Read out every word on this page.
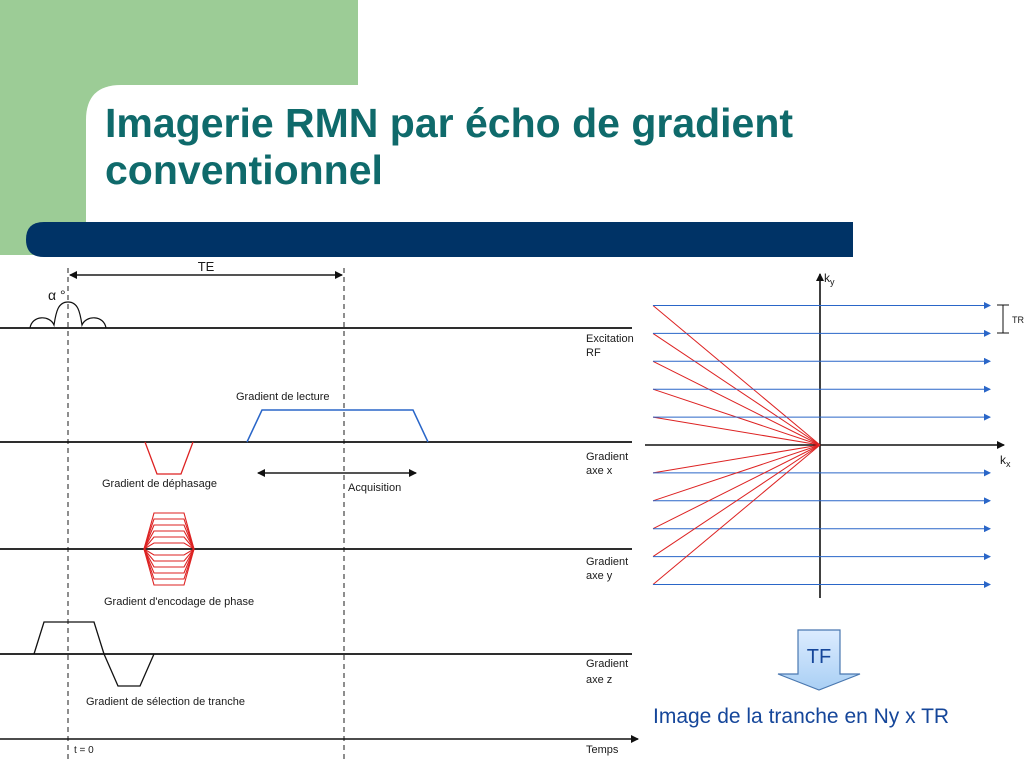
Imagerie RMN par écho de gradient
conventionnel
TE
α °
Excitation
RF
Gradient de lecture
Gradient de déphasage	Acquisition
Gradient
axe x
Gradient d'encodage de phase
Gradient
axe y
Gradient de sélection de tranche
Gradient
axe z
Temps
t = 0
$k_y$
$k_x$
TR
TF

Image de la tranche en Ny x TR
